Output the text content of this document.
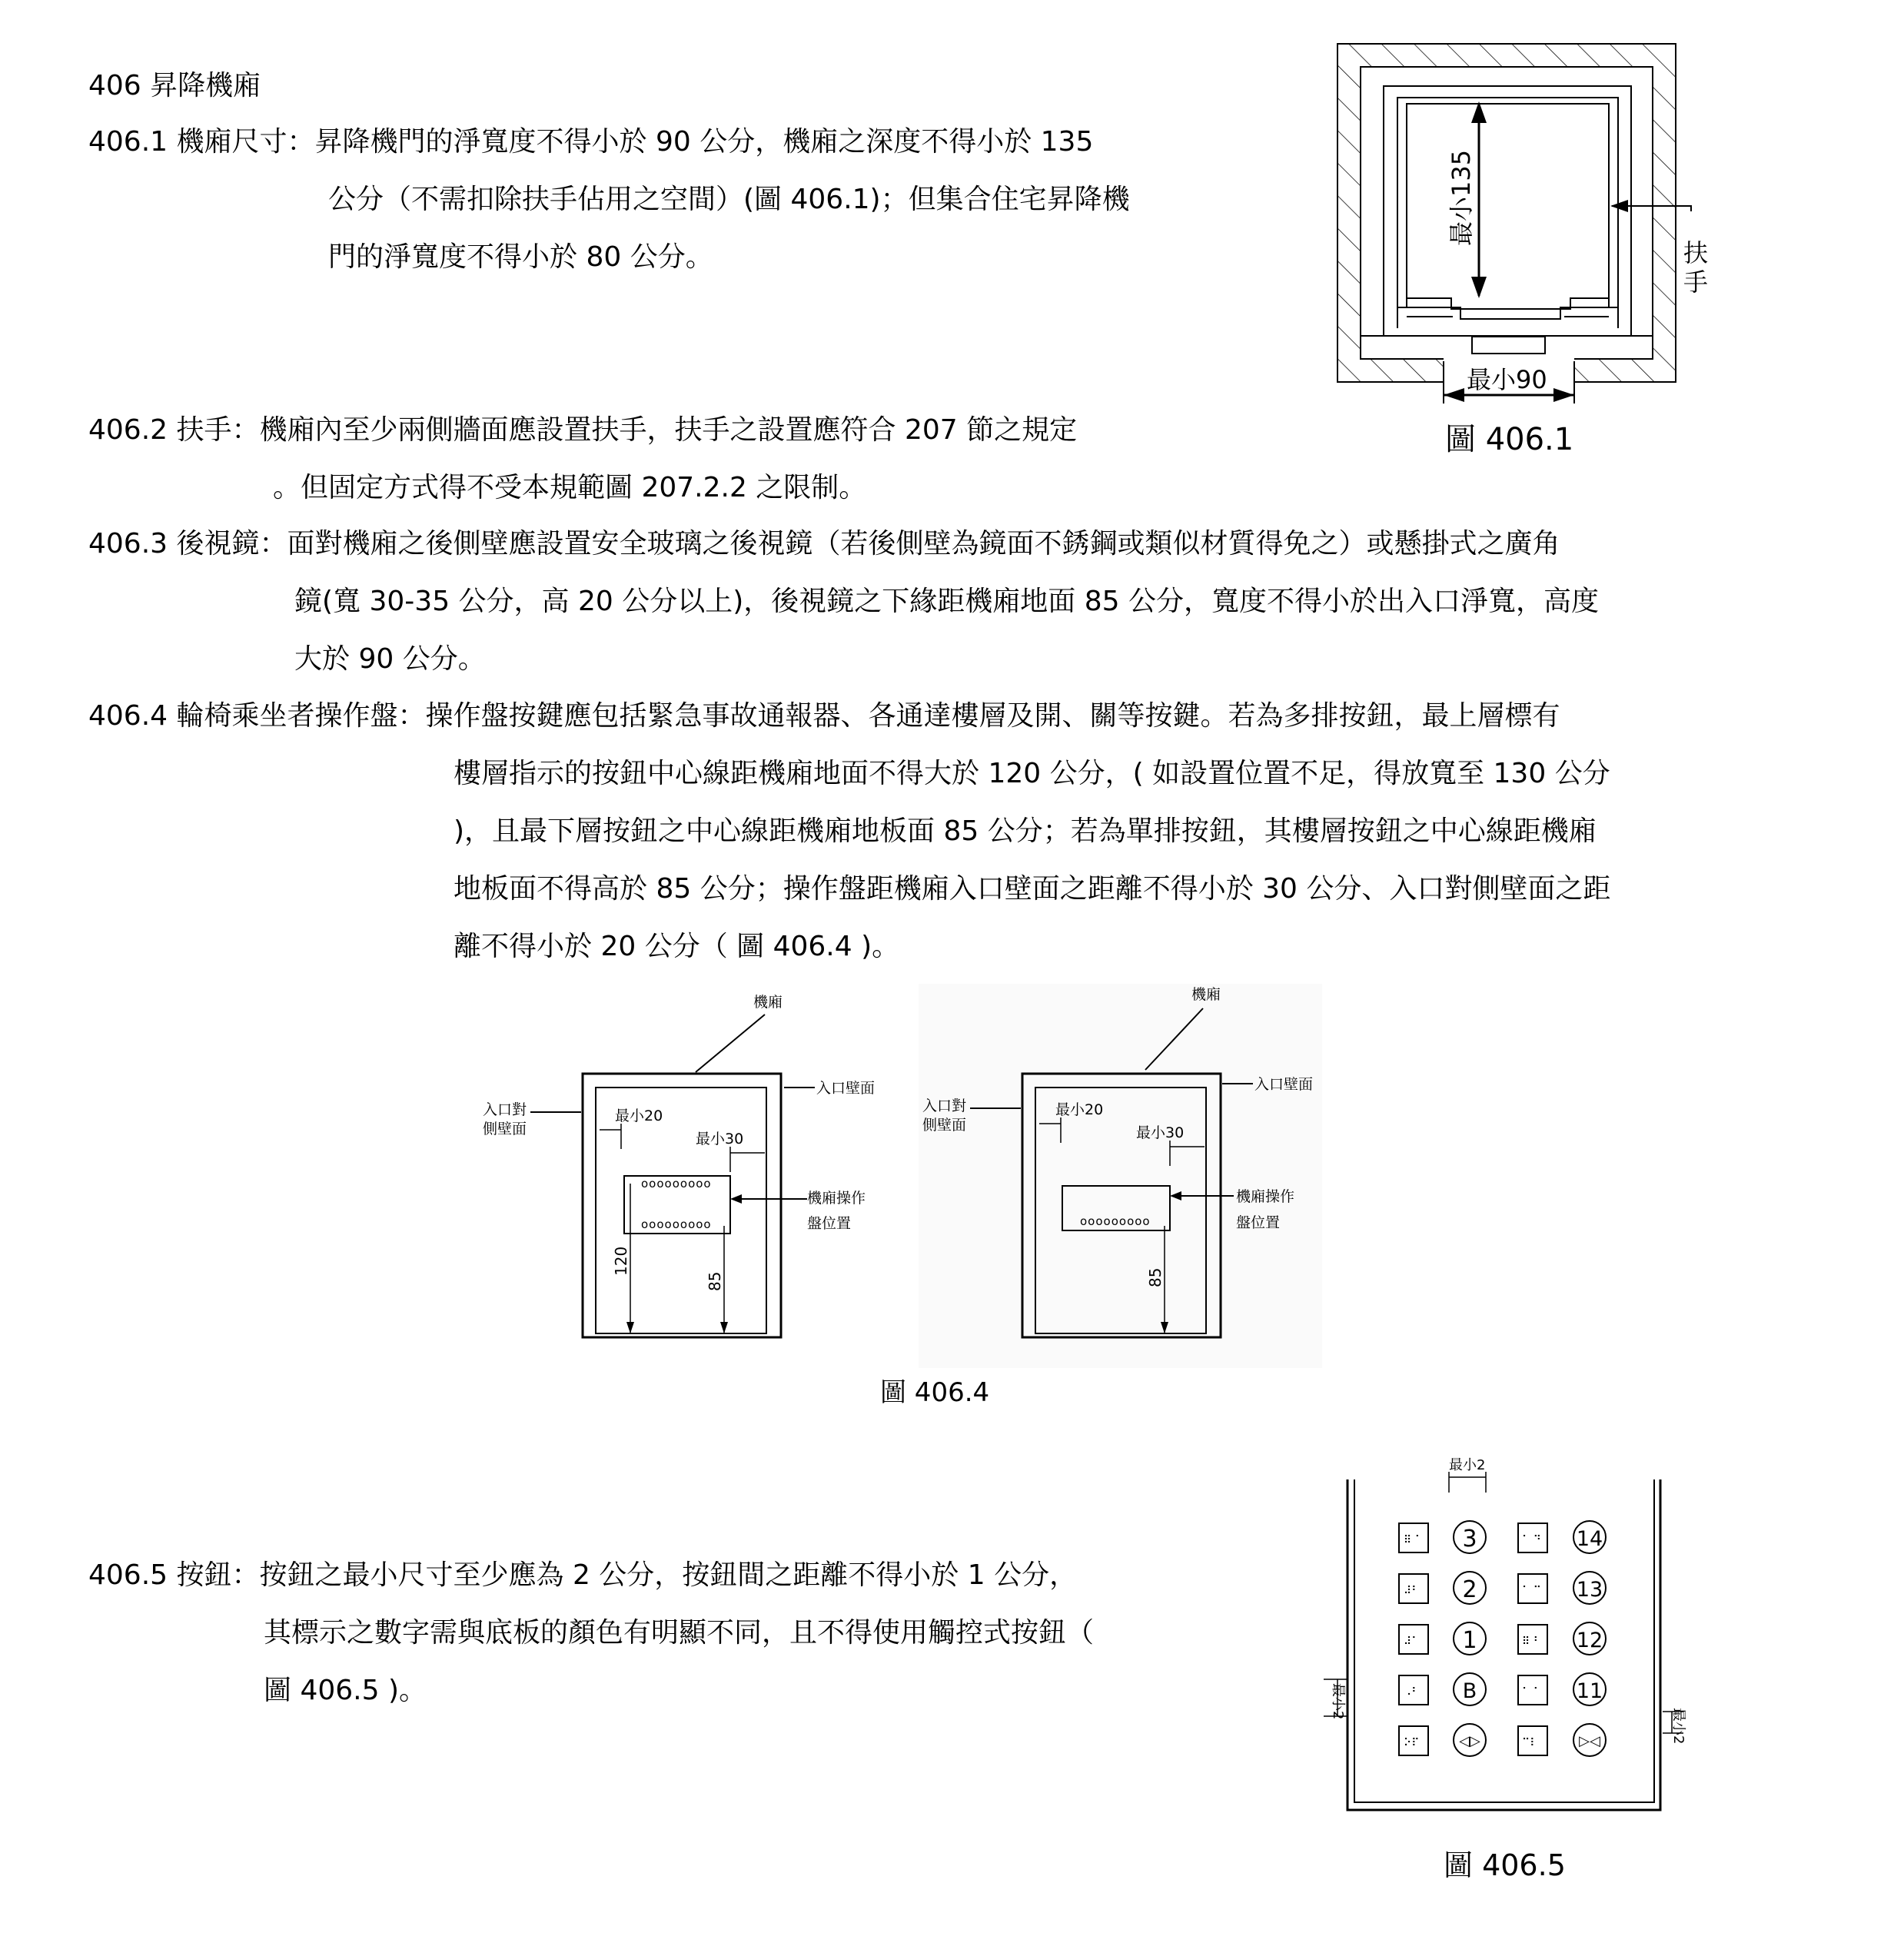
406 昇降機廂
406.1 機廂尺寸：昇降機門的淨寬度不得小於 90 公分，機廂之深度不得小於 135
公分（不需扣除扶手佔用之空間）(圖 406.1)；但集合住宅昇降機
門的淨寬度不得小於 80 公分。
406.2 扶手：機廂內至少兩側牆面應設置扶手，扶手之設置應符合 207 節之規定
。但固定方式得不受本規範圖 207.2.2 之限制。
406.3 後視鏡：面對機廂之後側壁應設置安全玻璃之後視鏡（若後側壁為鏡面不銹鋼或類似材質得免之）或懸掛式之廣角
鏡(寬 30-35 公分，高 20 公分以上)，後視鏡之下緣距機廂地面 85 公分，寬度不得小於出入口淨寬，高度
大於 90 公分。
406.4 輪椅乘坐者操作盤：操作盤按鍵應包括緊急事故通報器、各通達樓層及開、關等按鍵。若為多排按鈕，最上層標有
樓層指示的按鈕中心線距機廂地面不得大於 120 公分，( 如設置位置不足，得放寬至 130 公分
)，且最下層按鈕之中心線距機廂地板面 85 公分；若為單排按鈕，其樓層按鈕之中心線距機廂
地板面不得高於 85 公分；操作盤距機廂入口壁面之距離不得小於 30 公分、入口對側壁面之距
離不得小於 20 公分（ 圖 406.4 )。
406.5 按鈕：按鈕之最小尺寸至少應為 2 公分，按鈕間之距離不得小於 1 公分，
其標示之數字需與底板的顏色有明顯不同，且不得使用觸控式按鈕（
圖 406.5 )。
最小135
扶
手
最小90
圖 406.1
機廂
入口壁面
入口對
側壁面
最小20
最小30
ooooooooo
ooooooooo
機廂操作
盤位置
120
85
機廂
入口壁面
入口對
側壁面
最小20
最小30
ooooooooo
機廂操作
盤位置
85
圖 406.4
最小2
最小2
最小2
⠿ ⠁ 3	⠁ ⠙ 14
⠼⠃ 2	⠁ ⠉ 13
⠼⠁ 1	⠿ ⠃ 12
⠠⠃ B	⠁ ⠁ 11
⠕⠏	◁▷	⠉⠇	▷◁
圖 406.5
